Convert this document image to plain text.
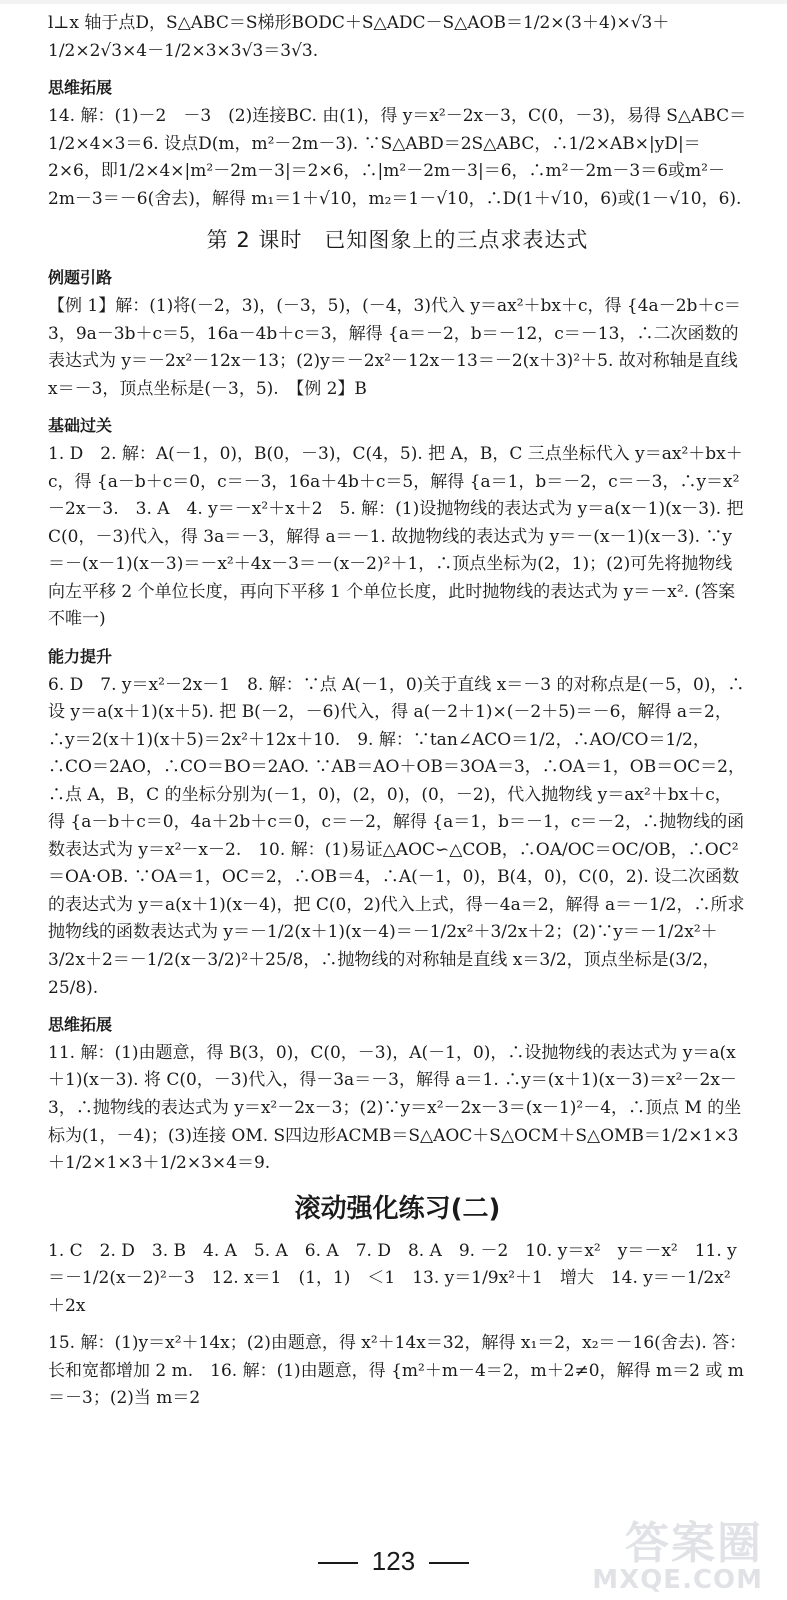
l⊥x 轴于点D，S△ABC＝S梯形BODC＋S△ADC－S△AOB＝1/2×(3＋4)×√3＋1/2×2√3×4－1/2×3×3√3＝3√3.
思维拓展
14. 解：(1)－2　－3　(2)连接BC. 由(1)，得 y＝x²－2x－3，C(0，－3)，易得 S△ABC＝1/2×4×3＝6. 设点D(m，m²－2m－3). ∵S△ABD＝2S△ABC，∴1/2×AB×|yD|＝2×6，即1/2×4×|m²－2m－3|＝2×6，∴|m²－2m－3|＝6，∴m²－2m－3＝6或m²－2m－3＝－6(舍去)，解得 m₁＝1＋√10，m₂＝1－√10，∴D(1＋√10，6)或(1－√10，6).
第 2 课时　已知图象上的三点求表达式
例题引路
【例 1】解：(1)将(－2，3)，(－3，5)，(－4，3)代入 y＝ax²＋bx＋c，得 {4a－2b＋c＝3，9a－3b＋c＝5，16a－4b＋c＝3，解得 {a＝－2，b＝－12，c＝－13，∴二次函数的表达式为 y＝－2x²－12x－13；(2)y＝－2x²－12x－13＝－2(x＋3)²＋5. 故对称轴是直线 x＝－3，顶点坐标是(－3，5).　【例 2】B
基础过关
1. D　2. 解：A(－1，0)，B(0，－3)，C(4，5). 把 A，B，C 三点坐标代入 y＝ax²＋bx＋c，得 {a－b＋c＝0，c＝－3，16a＋4b＋c＝5，解得 {a＝1，b＝－2，c＝－3，∴y＝x²－2x－3.　3. A　4. y＝－x²＋x＋2　5. 解：(1)设抛物线的表达式为 y＝a(x－1)(x－3). 把 C(0，－3)代入，得 3a＝－3，解得 a＝－1. 故抛物线的表达式为 y＝－(x－1)(x－3). ∵y＝－(x－1)(x－3)＝－x²＋4x－3＝－(x－2)²＋1，∴顶点坐标为(2，1)；(2)可先将抛物线向左平移 2 个单位长度，再向下平移 1 个单位长度，此时抛物线的表达式为 y＝－x². (答案不唯一)
能力提升
6. D　7. y＝x²－2x－1　8. 解：∵点 A(－1，0)关于直线 x＝－3 的对称点是(－5，0)，∴设 y＝a(x＋1)(x＋5). 把 B(－2，－6)代入，得 a(－2＋1)×(－2＋5)＝－6，解得 a＝2，∴y＝2(x＋1)(x＋5)＝2x²＋12x＋10.　9. 解：∵tan∠ACO＝1/2，∴AO/CO＝1/2，∴CO＝2AO，∴CO＝BO＝2AO. ∵AB＝AO＋OB＝3OA＝3，∴OA＝1，OB＝OC＝2，∴点 A，B，C 的坐标分别为(－1，0)，(2，0)，(0，－2)，代入抛物线 y＝ax²＋bx＋c，得 {a－b＋c＝0，4a＋2b＋c＝0，c＝－2，解得 {a＝1，b＝－1，c＝－2，∴抛物线的函数表达式为 y＝x²－x－2.　10. 解：(1)易证△AOC∽△COB，∴OA/OC＝OC/OB，∴OC²＝OA·OB. ∵OA＝1，OC＝2，∴OB＝4，∴A(－1，0)，B(4，0)，C(0，2). 设二次函数的表达式为 y＝a(x＋1)(x－4)，把 C(0，2)代入上式，得－4a＝2，解得 a＝－1/2，∴所求抛物线的函数表达式为 y＝－1/2(x＋1)(x－4)＝－1/2x²＋3/2x＋2；(2)∵y＝－1/2x²＋3/2x＋2＝－1/2(x－3/2)²＋25/8，∴抛物线的对称轴是直线 x＝3/2，顶点坐标是(3/2，25/8).
思维拓展
11. 解：(1)由题意，得 B(3，0)，C(0，－3)，A(－1，0)，∴设抛物线的表达式为 y＝a(x＋1)(x－3). 将 C(0，－3)代入，得－3a＝－3，解得 a＝1. ∴y＝(x＋1)(x－3)＝x²－2x－3，∴抛物线的表达式为 y＝x²－2x－3；(2)∵y＝x²－2x－3＝(x－1)²－4，∴顶点 M 的坐标为(1，－4)；(3)连接 OM. S四边形ACMB＝S△AOC＋S△OCM＋S△OMB＝1/2×1×3＋1/2×1×3＋1/2×3×4＝9.
滚动强化练习(二)
1. C　2. D　3. B　4. A　5. A　6. A　7. D　8. A　9. －2　10. y＝x²　y＝－x²　11. y＝－1/2(x－2)²－3　12. x＝1　(1，1)　＜1　13. y＝1/9x²＋1　增大　14. y＝－1/2x²＋2x
15. 解：(1)y＝x²＋14x；(2)由题意，得 x²＋14x＝32，解得 x₁＝2，x₂＝－16(舍去). 答：长和宽都增加 2 m.　16. 解：(1)由题意，得 {m²＋m－4＝2，m＋2≠0，解得 m＝2 或 m＝－3；(2)当 m＝2
123	答案圈
MXQE.COM
